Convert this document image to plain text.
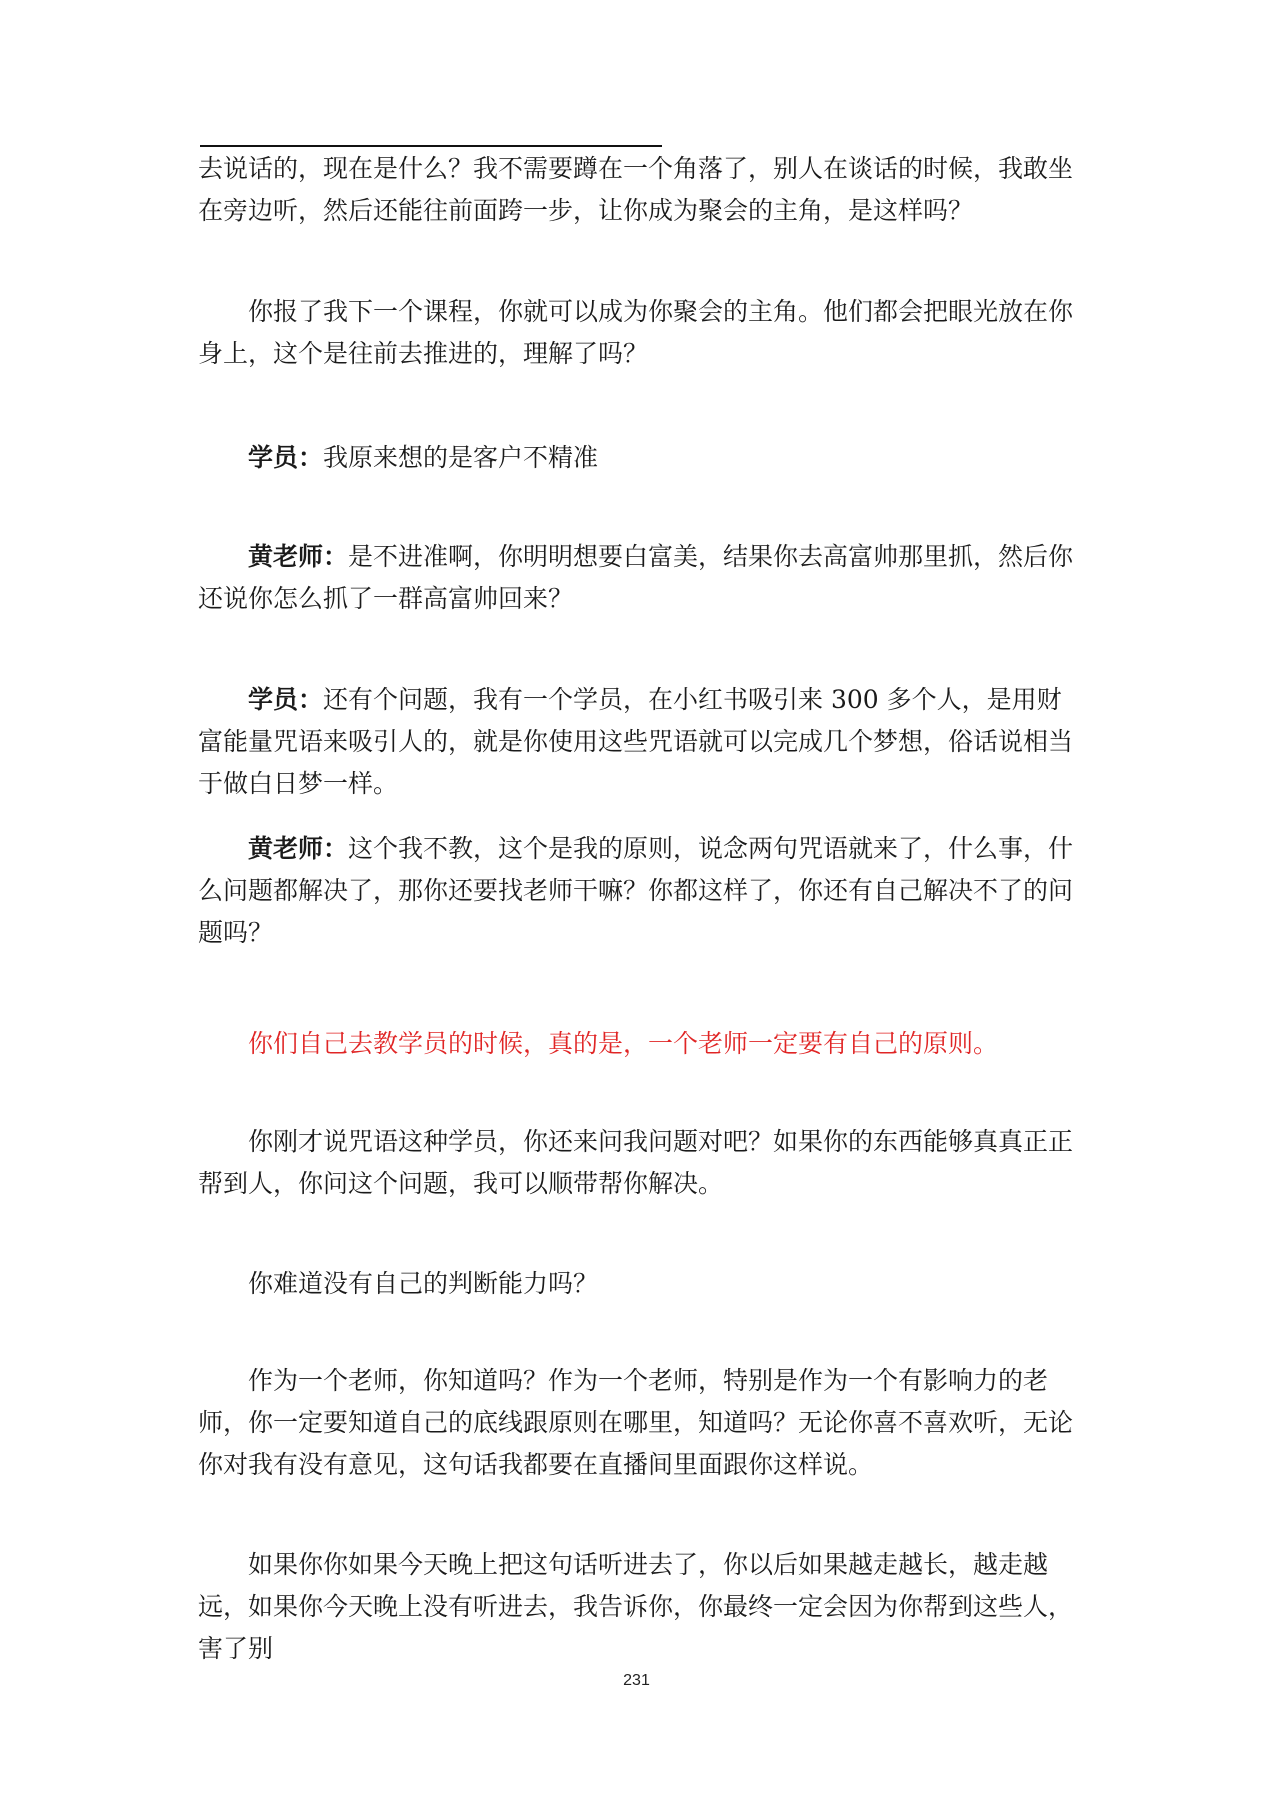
去说话的，现在是什么？我不需要蹲在一个角落了，别人在谈话的时候，我敢坐在旁边听，然后还能往前面跨一步，让你成为聚会的主角，是这样吗？

你报了我下一个课程，你就可以成为你聚会的主角。他们都会把眼光放在你身上，这个是往前去推进的，理解了吗？

学员：我原来想的是客户不精准

黄老师：是不进准啊，你明明想要白富美，结果你去高富帅那里抓，然后你还说你怎么抓了一群高富帅回来？

学员：还有个问题，我有一个学员，在小红书吸引来 300 多个人，是用财富能量咒语来吸引人的，就是你使用这些咒语就可以完成几个梦想，俗话说相当于做白日梦一样。

黄老师：这个我不教，这个是我的原则，说念两句咒语就来了，什么事，什么问题都解决了，那你还要找老师干嘛？你都这样了，你还有自己解决不了的问题吗？

你们自己去教学员的时候，真的是，一个老师一定要有自己的原则。

你刚才说咒语这种学员，你还来问我问题对吧？如果你的东西能够真真正正帮到人，你问这个问题，我可以顺带帮你解决。

你难道没有自己的判断能力吗？

作为一个老师，你知道吗？作为一个老师，特别是作为一个有影响力的老师，你一定要知道自己的底线跟原则在哪里，知道吗？无论你喜不喜欢听，无论你对我有没有意见，这句话我都要在直播间里面跟你这样说。

如果你你如果今天晚上把这句话听进去了，你以后如果越走越长，越走越远，如果你今天晚上没有听进去，我告诉你，你最终一定会因为你帮到这些人，害了别

231
